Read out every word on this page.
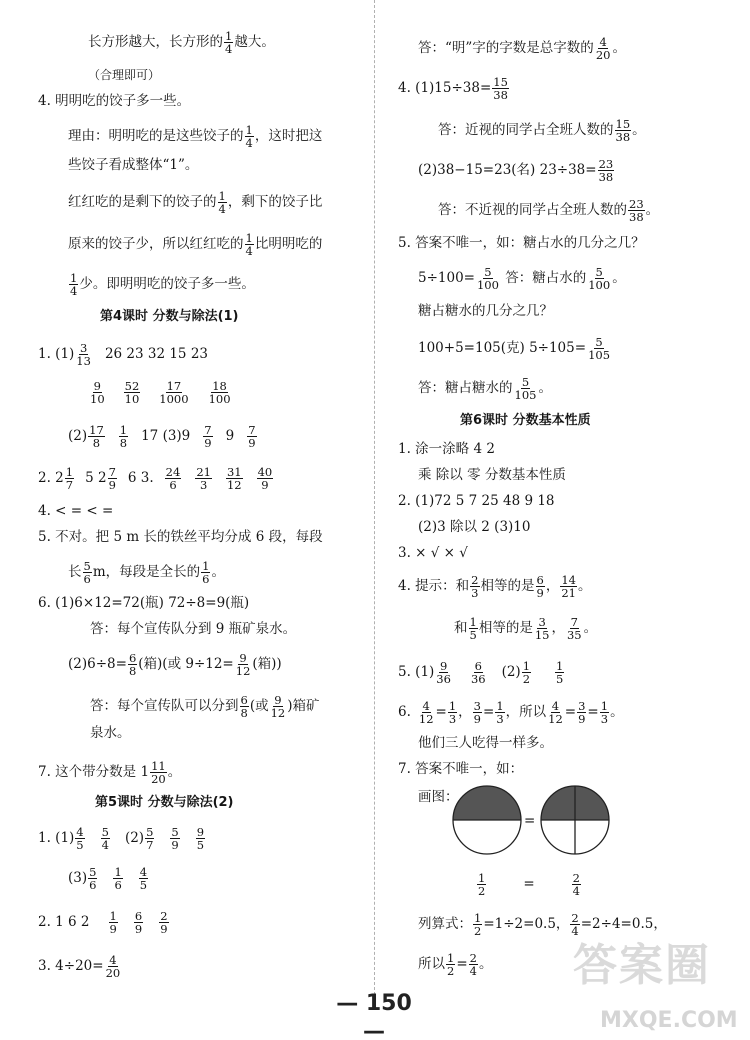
长方形越大，长方形的 $\frac{1}{4}$ 越大。
（合理即可）
4. 明明吃的饺子多一些。
理由：明明吃的是这些饺子的 $\frac{1}{4}$ ，这时把这
些饺子看成整体“1”。
红红吃的是剩下的饺子的 $\frac{1}{4}$ ，剩下的饺子比
原来的饺子少，所以红红吃的 $\frac{1}{4}$ 比明明吃的
$\frac{1}{4}$ 少。即明明吃的饺子多一些。
第4课时 分数与除法(1)
1. $(1) \frac{3}{13} 26$ 23 32 15 23
$\frac{9}{10} \frac{52}{10} \frac{17}{1000} \frac{18}{100}$
$(2) \frac{17}{8} \frac{1}{8} 17$ $(3)9 \frac{7}{9} 9 \frac{7}{9}$
2. $2 \frac{1}{7} 5$ $2 \frac{7}{9} 6$ 3. $\frac{24}{6} \frac{21}{3} \frac{31}{12} \frac{40}{9}$
4. < = < =
5. 不对。把 5 m 长的铁丝平均分成 6 段，每段
长 $\frac{5}{6}$ m，每段是全长的 $\frac{1}{6}$ 。
6. (1)6×12=72(瓶) 72÷8=9(瓶)
答：每个宣传队分到 9 瓶矿泉水。
$(2)6\div 8= \frac{6}{8}$ (箱)(或 $9\div 12= \frac{9}{12}$ (箱))
答：每个宣传队可以分到 $\frac{6}{8}$ (或 $\frac{9}{12}$ )箱矿
泉水。
7. 这个带分数是 $1 \frac{11}{20}$ 。
第5课时 分数与除法(2)
1. $(1) \frac{4}{5} \frac{5}{4} (2) \frac{5}{7} \frac{5}{9} \frac{9}{5}$
$(3) \frac{5}{6} \frac{1}{6} \frac{4}{5}$
2. 1 6 $2 \frac{1}{9} \frac{6}{9} \frac{2}{9}$
3. $4\div 20= \frac{4}{20}$
答：“明”字的字数是总字数的 $\frac{4}{20}$ 。
4. $(1)15\div 38= \frac{15}{38}$
答：近视的同学占全班人数的 $\frac{15}{38}$ 。
(2)38−15=23(名) $23\div 38= \frac{23}{38}$
答：不近视的同学占全班人数的 $\frac{23}{38}$ 。
5. 答案不唯一，如：糖占水的几分之几？
$5\div 100= \frac{5}{100}$ 答：糖占水的 $\frac{5}{100}$ 。
糖占糖水的几分之几？
100+5=105(克) $5\div 105= \frac{5}{105}$
答：糖占糖水的 $\frac{5}{105}$ 。
第6课时 分数基本性质
1. 涂一涂略 4 2
乘 除以 零 分数基本性质
2. (1)72 5 7 25 48 9 18
(2)3 除以 2 (3)10
3. × √ × √
4. 提示：和 $\frac{2}{3}$ 相等的是 $\frac{6}{9}$ ， $\frac{14}{21}$ 。
和 $\frac{1}{5}$ 相等的是 $\frac{3}{15}$ ， $\frac{7}{35}$ 。
5. $(1) \frac{9}{36} \frac{6}{36} (2) \frac{1}{2} \frac{1}{5}$
6. $\frac{4}{12} = \frac{1}{3}$ ， $\frac{3}{9} = \frac{1}{3}$ ，所以 $\frac{4}{12} = \frac{3}{9} = \frac{1}{3}$ 。
他们三人吃得一样多。
7. 答案不唯一，如：
画图：
=
$\frac{1}{2}$	=	$\frac{2}{4}$
列算式： $\frac{1}{2} =1\div 2=0.5$， $\frac{2}{4} =2\div 4=0.5$，
所以 $\frac{1}{2} = \frac{2}{4}$ 。
— 150 —
答案圈
MXQE.COM
